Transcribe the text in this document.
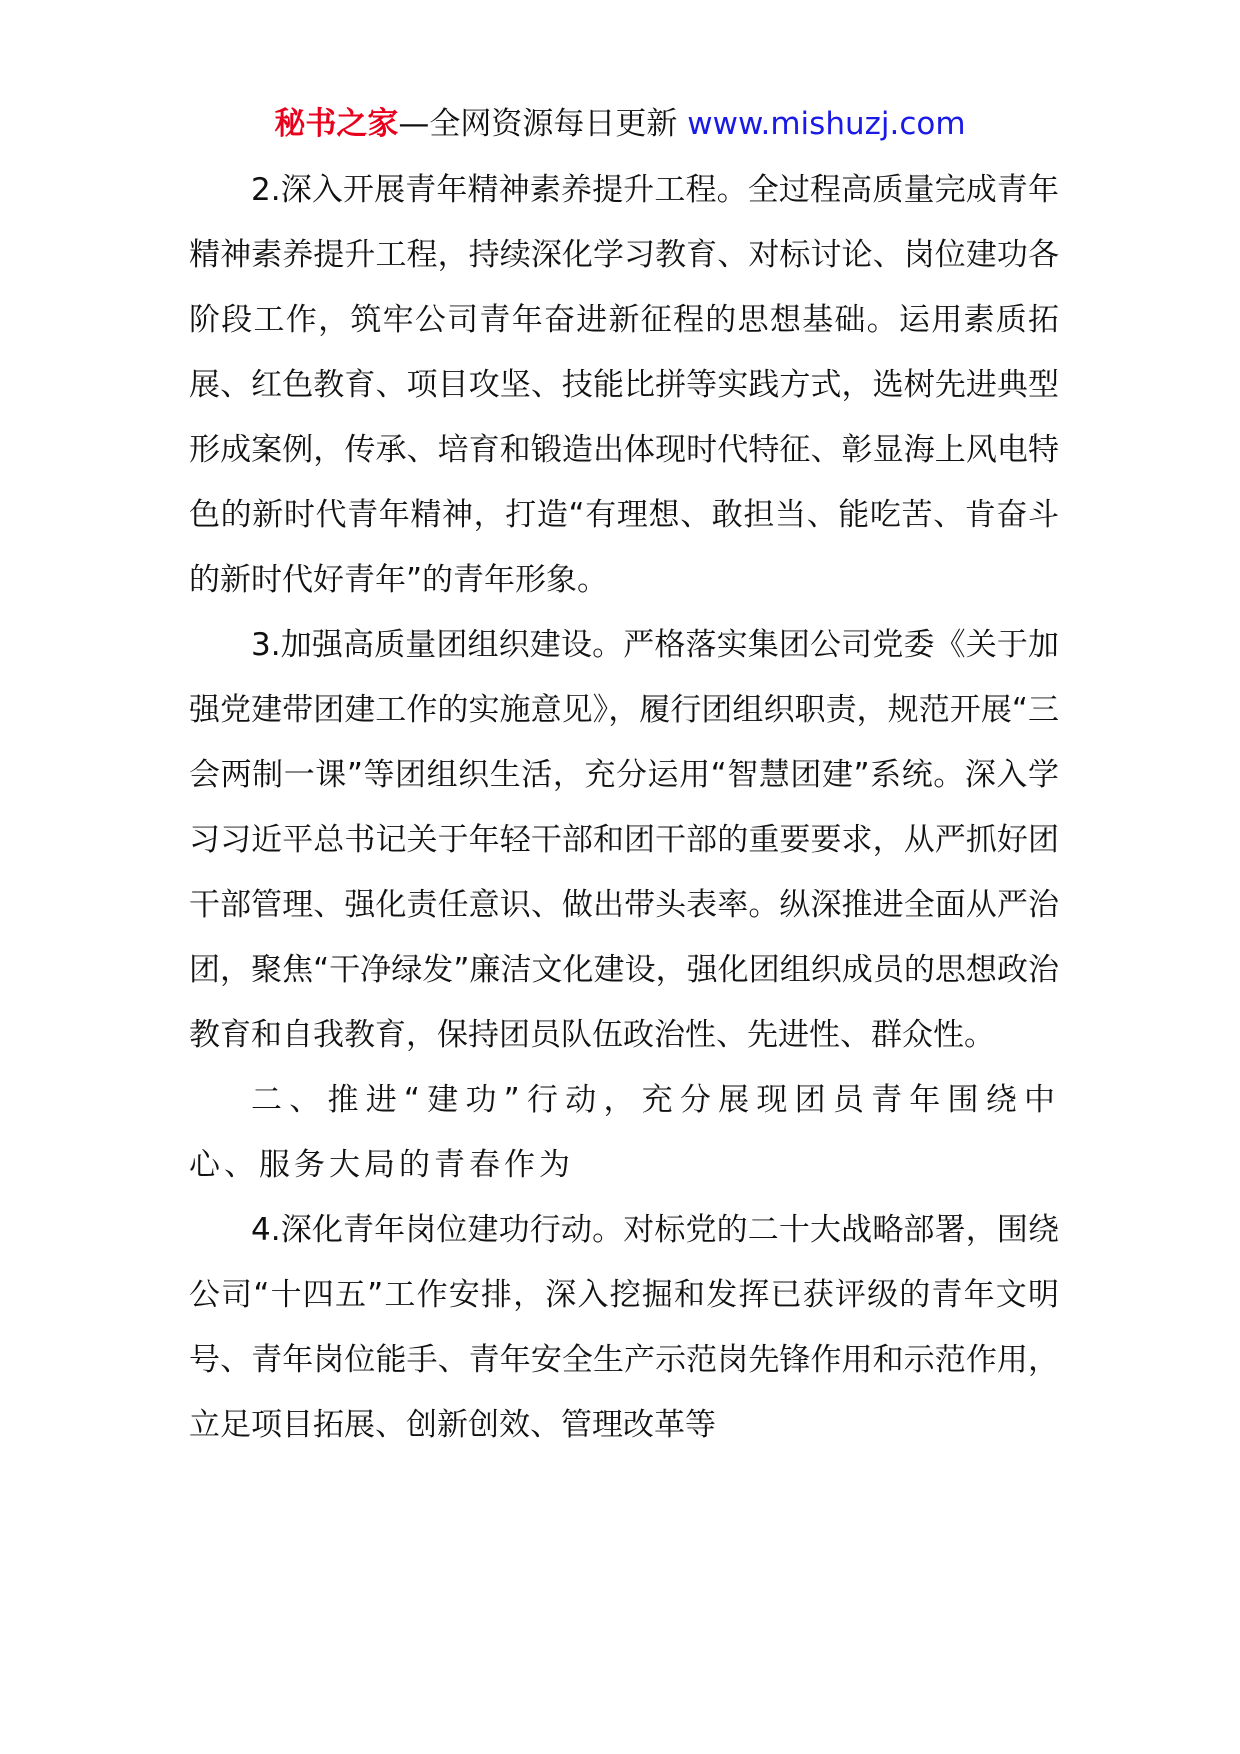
秘书之家—全网资源每日更新 www.mishuzj.com

2.深入开展青年精神素养提升工程。全过程高质量完成青年精神素养提升工程，持续深化学习教育、对标讨论、岗位建功各阶段工作，筑牢公司青年奋进新征程的思想基础。运用素质拓展、红色教育、项目攻坚、技能比拼等实践方式，选树先进典型形成案例，传承、培育和锻造出体现时代特征、彰显海上风电特色的新时代青年精神，打造“有理想、敢担当、能吃苦、肯奋斗的新时代好青年”的青年形象。

3.加强高质量团组织建设。严格落实集团公司党委《关于加强党建带团建工作的实施意见》，履行团组织职责，规范开展“三会两制一课”等团组织生活，充分运用“智慧团建”系统。深入学习习近平总书记关于年轻干部和团干部的重要要求，从严抓好团干部管理、强化责任意识、做出带头表率。纵深推进全面从严治团，聚焦“干净绿发”廉洁文化建设，强化团组织成员的思想政治教育和自我教育，保持团员队伍政治性、先进性、群众性。

二、推进“建功”行动，充分展现团员青年围绕中心、服务大局的青春作为

4.深化青年岗位建功行动。对标党的二十大战略部署，围绕公司“十四五”工作安排，深入挖掘和发挥已获评级的青年文明号、青年岗位能手、青年安全生产示范岗先锋作用和示范作用，立足项目拓展、创新创效、管理改革等
